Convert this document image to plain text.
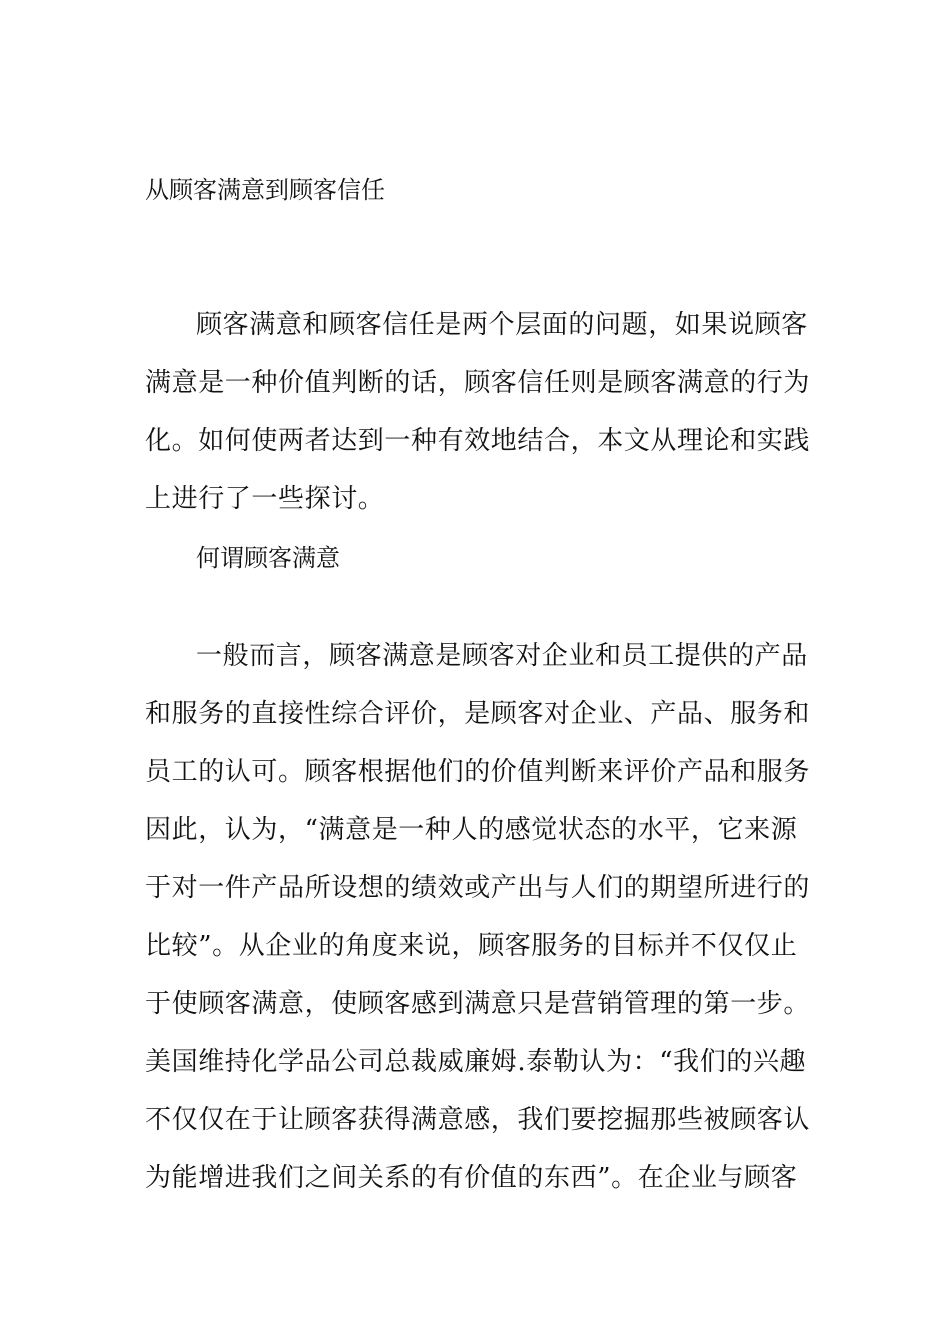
从顾客满意到顾客信任
顾客满意和顾客信任是两个层面的问题，如果说顾客
满意是一种价值判断的话，顾客信任则是顾客满意的行为
化。如何使两者达到一种有效地结合，本文从理论和实践
上进行了一些探讨。
何谓顾客满意
一般而言，顾客满意是顾客对企业和员工提供的产品
和服务的直接性综合评价，是顾客对企业、产品、服务和
员工的认可。顾客根据他们的价值判断来评价产品和服务
因此，认为，“满意是一种人的感觉状态的水平，它来源
于对一件产品所设想的绩效或产出与人们的期望所进行的
比较”。从企业的角度来说，顾客服务的目标并不仅仅止
于使顾客满意，使顾客感到满意只是营销管理的第一步。
美国维持化学品公司总裁威廉姆.泰勒认为：“我们的兴趣
不仅仅在于让顾客获得满意感，我们要挖掘那些被顾客认
为能增进我们之间关系的有价值的东西”。在企业与顾客
